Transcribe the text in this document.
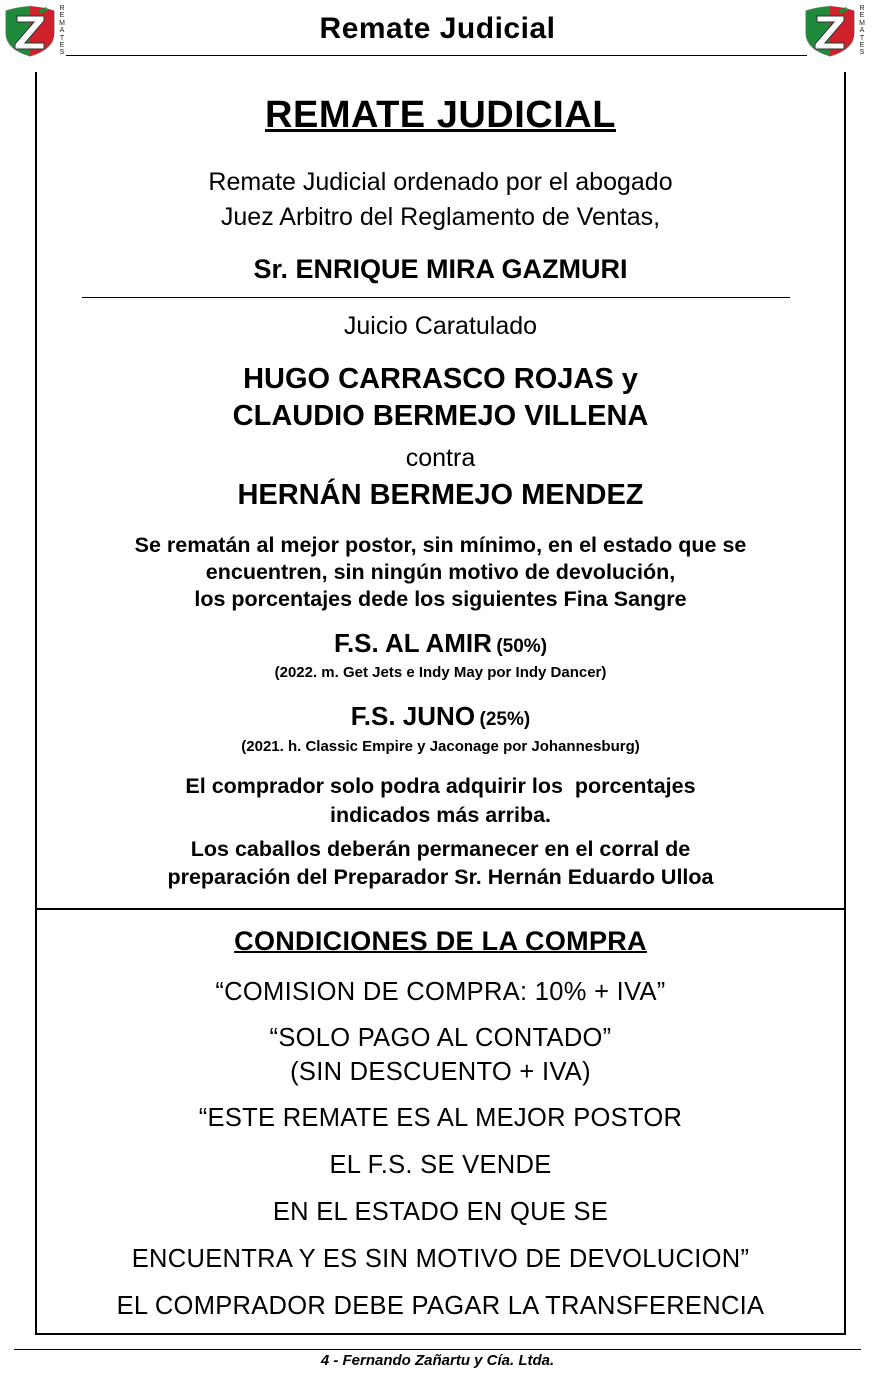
R
E
M
A
T
E
S
Remate Judicial
R
E
M
A
T
E
S
REMATE JUDICIAL
Remate Judicial ordenado por el abogado
Juez Arbitro del Reglamento de Ventas,
Sr. ENRIQUE MIRA GAZMURI
Juicio Caratulado
HUGO CARRASCO ROJAS y
CLAUDIO BERMEJO VILLENA
contra
HERNÁN BERMEJO MENDEZ
Se rematán al mejor postor, sin mínimo, en el estado que se
encuentren, sin ningún motivo de devolución,
los porcentajes dede los siguientes Fina Sangre
F.S. AL AMIR (50%)
(2022. m. Get Jets e Indy May por Indy Dancer)
F.S. JUNO (25%)
(2021. h. Classic Empire y Jaconage por Johannesburg)
El comprador solo podra adquirir los porcentajes
indicados más arriba.
Los caballos deberán permanecer en el corral de
preparación del Preparador Sr. Hernán Eduardo Ulloa
CONDICIONES DE LA COMPRA
“COMISION DE COMPRA: 10% + IVA”
“SOLO PAGO AL CONTADO”
(SIN DESCUENTO + IVA)
“ESTE REMATE ES AL MEJOR POSTOR
EL F.S. SE VENDE
EN EL ESTADO EN QUE SE
ENCUENTRA Y ES SIN MOTIVO DE DEVOLUCION”
EL COMPRADOR DEBE PAGAR LA TRANSFERENCIA
4 - Fernando Zañartu y Cía. Ltda.
